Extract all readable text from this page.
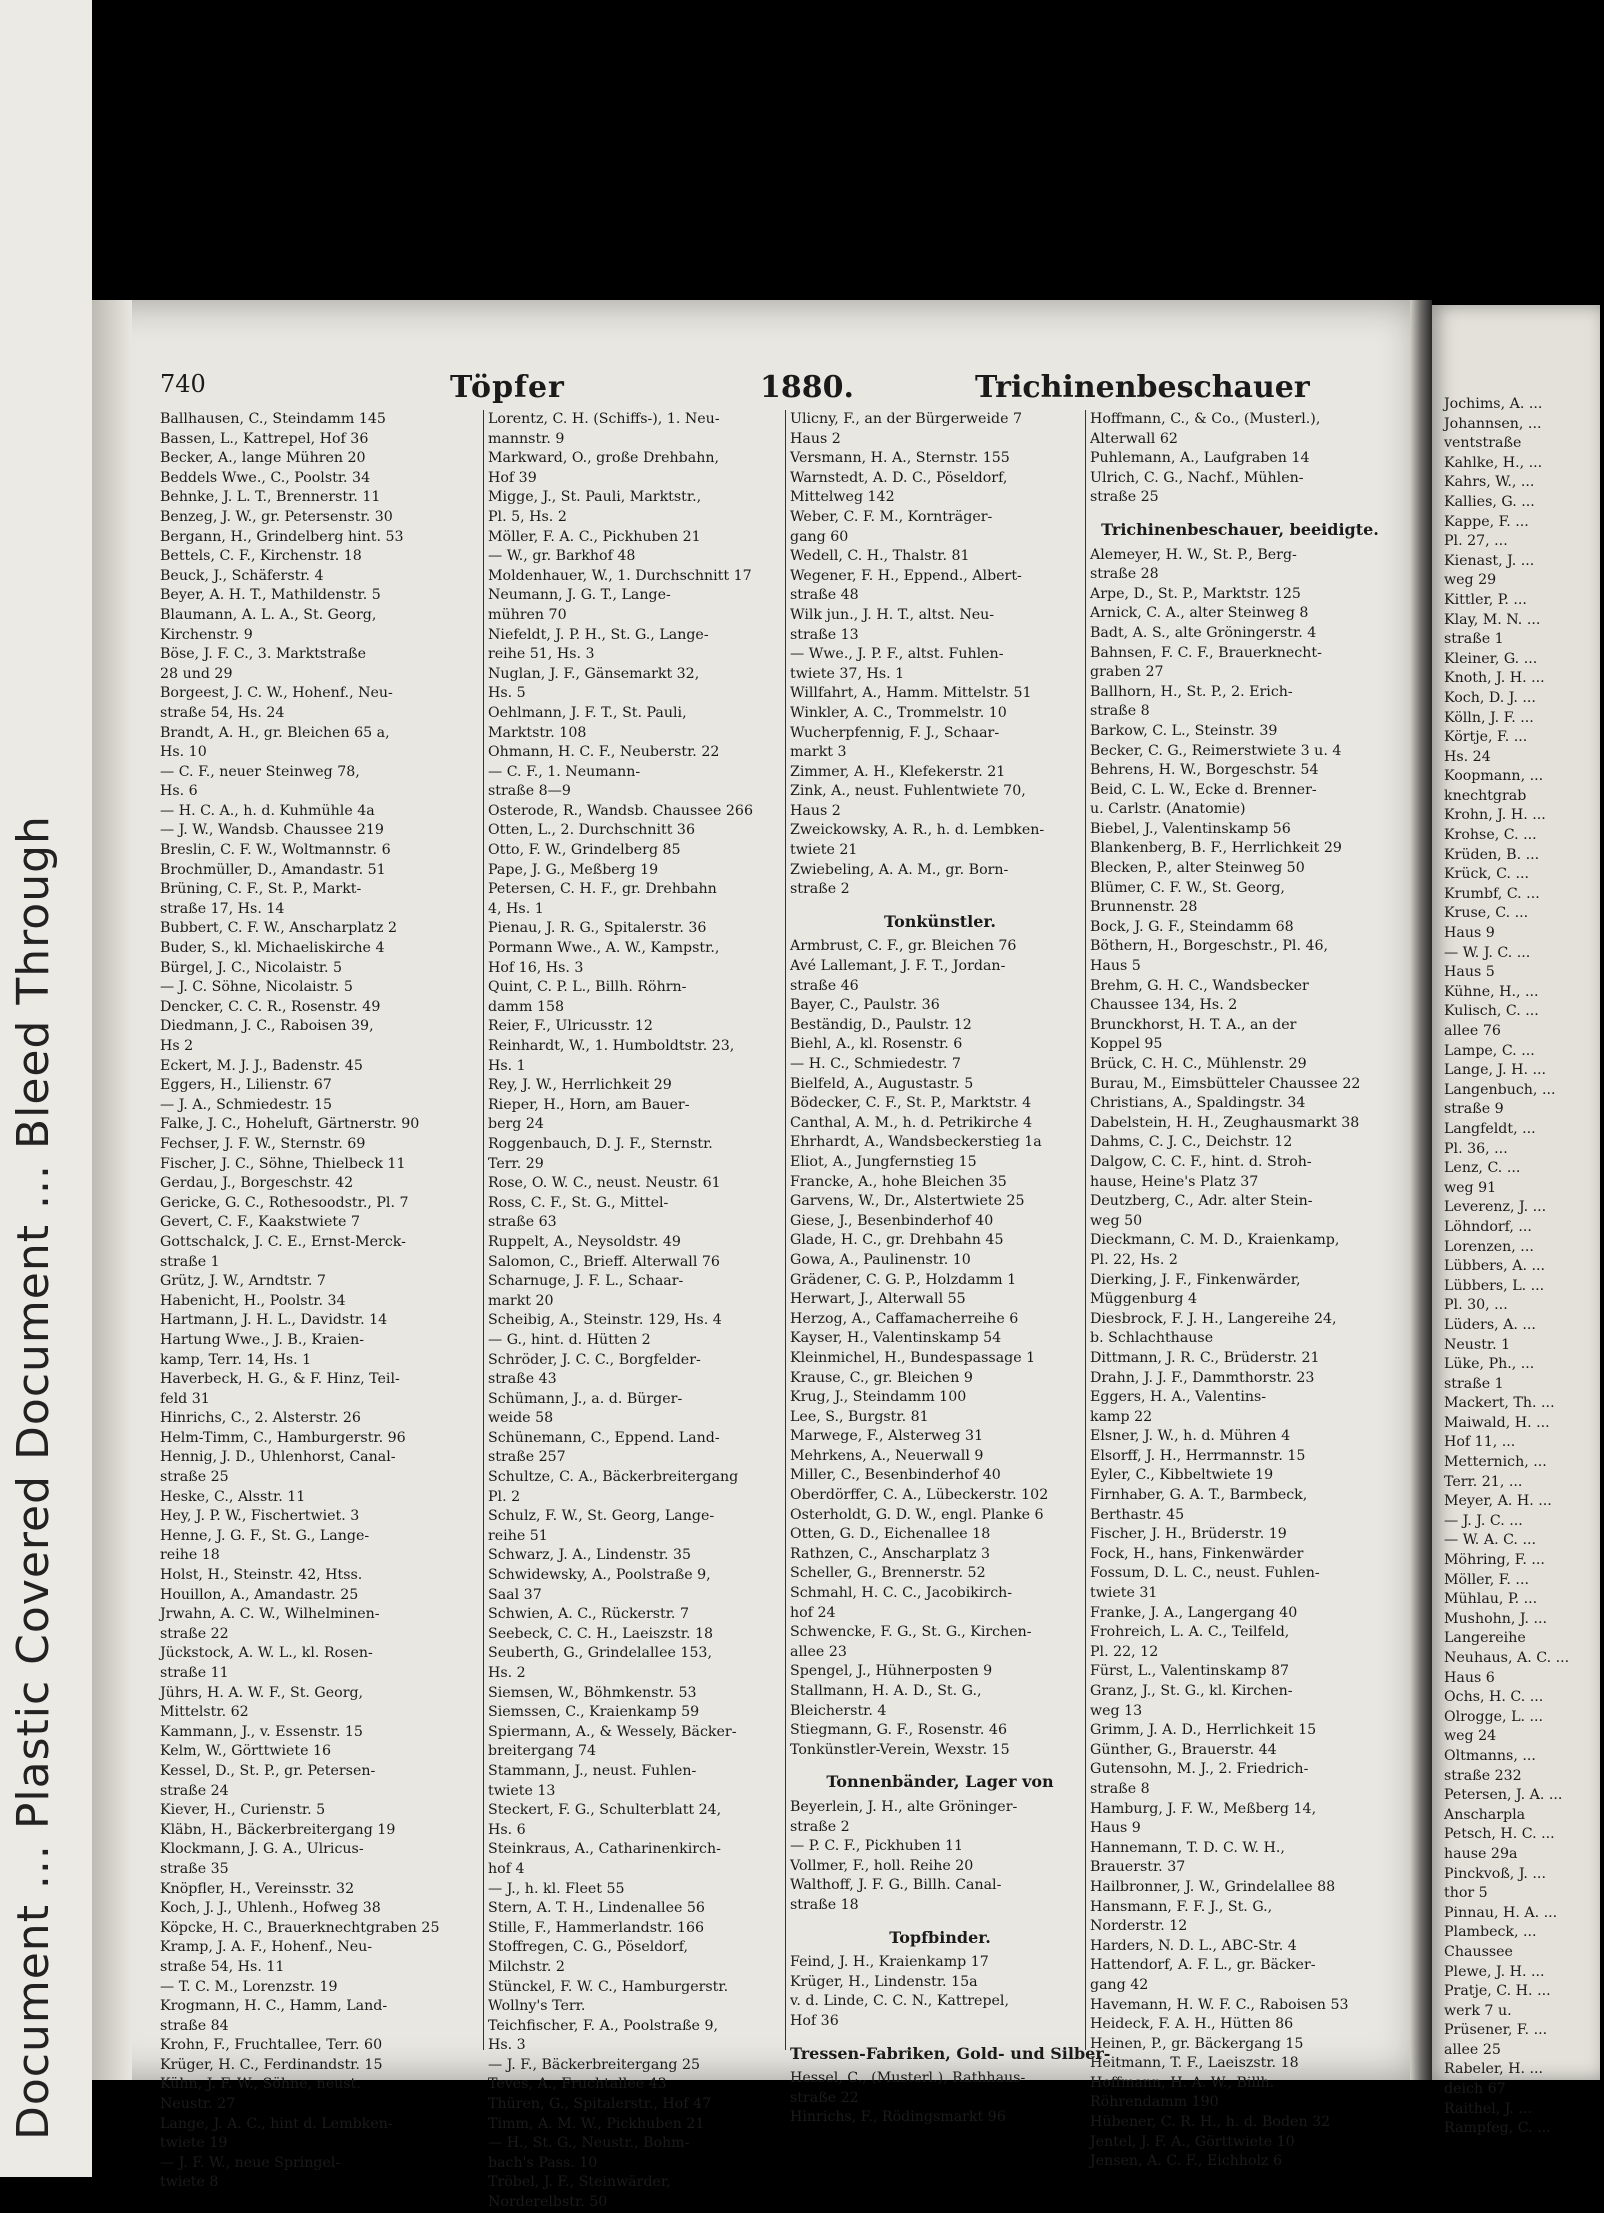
Document ... Plastic Covered Document ... Bleed Through
Jochims, A. ...
Johannsen, ...
ventstraße
Kahlke, H., ...
Kahrs, W., ...
Kallies, G. ...
Kappe, F. ...
Pl. 27, ...
Kienast, J. ...
weg 29
Kittler, P. ...
Klay, M. N. ...
straße 1
Kleiner, G. ...
Knoth, J. H. ...
Koch, D. J. ...
Kölln, J. F. ...
Körtje, F. ...
Hs. 24
Koopmann, ...
knechtgrab
Krohn, J. H. ...
Krohse, C. ...
Krüden, B. ...
Krück, C. ...
Krumbf, C. ...
Kruse, C. ...
Haus 9
— W. J. C. ...
Haus 5
Kühne, H., ...
Kulisch, C. ...
allee 76
Lampe, C. ...
Lange, J. H. ...
Langenbuch, ...
straße 9
Langfeldt, ...
Pl. 36, ...
Lenz, C. ...
weg 91
Leverenz, J. ...
Löhndorf, ...
Lorenzen, ...
Lübbers, A. ...
Lübbers, L. ...
Pl. 30, ...
Lüders, A. ...
Neustr. 1
Lüke, Ph., ...
straße 1
Mackert, Th. ...
Maiwald, H. ...
Hof 11, ...
Metternich, ...
Terr. 21, ...
Meyer, A. H. ...
— J. J. C. ...
— W. A. C. ...
Möhring, F. ...
Möller, F. ...
Mühlau, P. ...
Mushohn, J. ...
Langereihe
Neuhaus, A. C. ...
Haus 6
Ochs, H. C. ...
Olrogge, L. ...
weg 24
Oltmanns, ...
straße 232
Petersen, J. A. ...
Anscharpla
Petsch, H. C. ...
hause 29a
Pinckvoß, J. ...
thor 5
Pinnau, H. A. ...
Plambeck, ...
Chaussee
Plewe, J. H. ...
Pratje, C. H. ...
werk 7 u.
Prüsener, F. ...
allee 25
Rabeler, H. ...
deich 67
Raithel, J. ...
Rampfeg, C. ...
740	Töpfer	1880.	Trichinenbeschauer
Ballhausen, C., Steindamm 145
Bassen, L., Kattrepel, Hof 36
Becker, A., lange Mühren 20
Beddels Wwe., C., Poolstr. 34
Behnke, J. L. T., Brennerstr. 11
Benzeg, J. W., gr. Petersenstr. 30
Bergann, H., Grindelberg hint. 53
Bettels, C. F., Kirchenstr. 18
Beuck, J., Schäferstr. 4
Beyer, A. H. T., Mathildenstr. 5
Blaumann, A. L. A., St. Georg,
Kirchenstr. 9
Böse, J. F. C., 3. Marktstraße
28 und 29
Borgeest, J. C. W., Hohenf., Neu-
straße 54, Hs. 24
Brandt, A. H., gr. Bleichen 65 a,
Hs. 10
— C. F., neuer Steinweg 78,
Hs. 6
— H. C. A., h. d. Kuhmühle 4a
— J. W., Wandsb. Chaussee 219
Breslin, C. F. W., Woltmannstr. 6
Brochmüller, D., Amandastr. 51
Brüning, C. F., St. P., Markt-
straße 17, Hs. 14
Bubbert, C. F. W., Anscharplatz 2
Buder, S., kl. Michaeliskirche 4
Bürgel, J. C., Nicolaistr. 5
— J. C. Söhne, Nicolaistr. 5
Dencker, C. C. R., Rosenstr. 49
Diedmann, J. C., Raboisen 39,
Hs 2
Eckert, M. J. J., Badenstr. 45
Eggers, H., Lilienstr. 67
— J. A., Schmiedestr. 15
Falke, J. C., Hoheluft, Gärtnerstr. 90
Fechser, J. F. W., Sternstr. 69
Fischer, J. C., Söhne, Thielbeck 11
Gerdau, J., Borgeschstr. 42
Gericke, G. C., Rothesoodstr., Pl. 7
Gevert, C. F., Kaakstwiete 7
Gottschalck, J. C. E., Ernst-Merck-
straße 1
Grütz, J. W., Arndtstr. 7
Habenicht, H., Poolstr. 34
Hartmann, J. H. L., Davidstr. 14
Hartung Wwe., J. B., Kraien-
kamp, Terr. 14, Hs. 1
Haverbeck, H. G., & F. Hinz, Teil-
feld 31
Hinrichs, C., 2. Alsterstr. 26
Helm-Timm, C., Hamburgerstr. 96
Hennig, J. D., Uhlenhorst, Canal-
straße 25
Heske, C., Alsstr. 11
Hey, J. P. W., Fischertwiet. 3
Henne, J. G. F., St. G., Lange-
reihe 18
Holst, H., Steinstr. 42, Htss.
Houillon, A., Amandastr. 25
Jrwahn, A. C. W., Wilhelminen-
straße 22
Jückstock, A. W. L., kl. Rosen-
straße 11
Jührs, H. A. W. F., St. Georg,
Mittelstr. 62
Kammann, J., v. Essenstr. 15
Kelm, W., Görttwiete 16
Kessel, D., St. P., gr. Petersen-
straße 24
Kiever, H., Curienstr. 5
Kläbn, H., Bäckerbreitergang 19
Klockmann, J. G. A., Ulricus-
straße 35
Knöpfler, H., Vereinsstr. 32
Koch, J. J., Uhlenh., Hofweg 38
Köpcke, H. C., Brauerknechtgraben 25
Kramp, J. A. F., Hohenf., Neu-
straße 54, Hs. 11
— T. C. M., Lorenzstr. 19
Krogmann, H. C., Hamm, Land-
straße 84
Krohn, F., Fruchtallee, Terr. 60
Krüger, H. C., Ferdinandstr. 15
Kühn, J. F. W., Söhne, neust.
Neustr. 27
Lange, J. A. C., hint d. Lembken-
twiete 19
— J. F. W., neue Springel-
twiete 8
Lorentz, C. H. (Schiffs-), 1. Neu-
mannstr. 9
Markward, O., große Drehbahn,
Hof 39
Migge, J., St. Pauli, Marktstr.,
Pl. 5, Hs. 2
Möller, F. A. C., Pickhuben 21
— W., gr. Barkhof 48
Moldenhauer, W., 1. Durchschnitt 17
Neumann, J. G. T., Lange-
mühren 70
Niefeldt, J. P. H., St. G., Lange-
reihe 51, Hs. 3
Nuglan, J. F., Gänsemarkt 32,
Hs. 5
Oehlmann, J. F. T., St. Pauli,
Marktstr. 108
Ohmann, H. C. F., Neuberstr. 22
— C. F., 1. Neumann-
straße 8—9
Osterode, R., Wandsb. Chaussee 266
Otten, L., 2. Durchschnitt 36
Otto, F. W., Grindelberg 85
Pape, J. G., Meßberg 19
Petersen, C. H. F., gr. Drehbahn
4, Hs. 1
Pienau, J. R. G., Spitalerstr. 36
Pormann Wwe., A. W., Kampstr.,
Hof 16, Hs. 3
Quint, C. P. L., Billh. Röhrn-
damm 158
Reier, F., Ulricusstr. 12
Reinhardt, W., 1. Humboldtstr. 23,
Hs. 1
Rey, J. W., Herrlichkeit 29
Rieper, H., Horn, am Bauer-
berg 24
Roggenbauch, D. J. F., Sternstr.
Terr. 29
Rose, O. W. C., neust. Neustr. 61
Ross, C. F., St. G., Mittel-
straße 63
Ruppelt, A., Neysoldstr. 49
Salomon, C., Brieff. Alterwall 76
Scharnuge, J. F. L., Schaar-
markt 20
Scheibig, A., Steinstr. 129, Hs. 4
— G., hint. d. Hütten 2
Schröder, J. C. C., Borgfelder-
straße 43
Schümann, J., a. d. Bürger-
weide 58
Schünemann, C., Eppend. Land-
straße 257
Schultze, C. A., Bäckerbreitergang
Pl. 2
Schulz, F. W., St. Georg, Lange-
reihe 51
Schwarz, J. A., Lindenstr. 35
Schwidewsky, A., Poolstraße 9,
Saal 37
Schwien, A. C., Rückerstr. 7
Seebeck, C. C. H., Laeiszstr. 18
Seuberth, G., Grindelallee 153,
Hs. 2
Siemsen, W., Böhmkenstr. 53
Siemssen, C., Kraienkamp 59
Spiermann, A., & Wessely, Bäcker-
breitergang 74
Stammann, J., neust. Fuhlen-
twiete 13
Steckert, F. G., Schulterblatt 24,
Hs. 6
Steinkraus, A., Catharinenkirch-
hof 4
— J., h. kl. Fleet 55
Stern, A. T. H., Lindenallee 56
Stille, F., Hammerlandstr. 166
Stoffregen, C. G., Pöseldorf,
Milchstr. 2
Stünckel, F. W. C., Hamburgerstr.
Wollny's Terr.
Teichfischer, F. A., Poolstraße 9,
Hs. 3
— J. F., Bäckerbreitergang 25
Teves, A., Fruchtallee 43
Thüren, G., Spitalerstr., Hof 47
Timm, A. M. W., Pickhuben 21
— H., St. G., Neustr., Bohm-
bach's Pass. 10
Tröbel, J. F., Steinwärder,
Norderelbstr. 50
Ulicny, F., an der Bürgerweide 7
Haus 2
Versmann, H. A., Sternstr. 155
Warnstedt, A. D. C., Pöseldorf,
Mittelweg 142
Weber, C. F. M., Kornträger-
gang 60
Wedell, C. H., Thalstr. 81
Wegener, F. H., Eppend., Albert-
straße 48
Wilk jun., J. H. T., altst. Neu-
straße 13
— Wwe., J. P. F., altst. Fuhlen-
twiete 37, Hs. 1
Willfahrt, A., Hamm. Mittelstr. 51
Winkler, A. C., Trommelstr. 10
Wucherpfennig, F. J., Schaar-
markt 3
Zimmer, A. H., Klefekerstr. 21
Zink, A., neust. Fuhlentwiete 70,
Haus 2
Zweickowsky, A. R., h. d. Lembken-
twiete 21
Zwiebeling, A. A. M., gr. Born-
straße 2
Tonkünstler.
Armbrust, C. F., gr. Bleichen 76
Avé Lallemant, J. F. T., Jordan-
straße 46
Bayer, C., Paulstr. 36
Beständig, D., Paulstr. 12
Biehl, A., kl. Rosenstr. 6
— H. C., Schmiedestr. 7
Bielfeld, A., Augustastr. 5
Bödecker, C. F., St. P., Marktstr. 4
Canthal, A. M., h. d. Petrikirche 4
Ehrhardt, A., Wandsbeckerstieg 1a
Eliot, A., Jungfernstieg 15
Francke, A., hohe Bleichen 35
Garvens, W., Dr., Alstertwiete 25
Giese, J., Besenbinderhof 40
Glade, H. C., gr. Drehbahn 45
Gowa, A., Paulinenstr. 10
Grädener, C. G. P., Holzdamm 1
Herwart, J., Alterwall 55
Herzog, A., Caffamacherreihe 6
Kayser, H., Valentinskamp 54
Kleinmichel, H., Bundespassage 1
Krause, C., gr. Bleichen 9
Krug, J., Steindamm 100
Lee, S., Burgstr. 81
Marwege, F., Alsterweg 31
Mehrkens, A., Neuerwall 9
Miller, C., Besenbinderhof 40
Oberdörffer, C. A., Lübeckerstr. 102
Osterholdt, G. D. W., engl. Planke 6
Otten, G. D., Eichenallee 18
Rathzen, C., Anscharplatz 3
Scheller, G., Brennerstr. 52
Schmahl, H. C. C., Jacobikirch-
hof 24
Schwencke, F. G., St. G., Kirchen-
allee 23
Spengel, J., Hühnerposten 9
Stallmann, H. A. D., St. G.,
Bleicherstr. 4
Stiegmann, G. F., Rosenstr. 46
Tonkünstler-Verein, Wexstr. 15
Tonnenbänder, Lager von
Beyerlein, J. H., alte Gröninger-
straße 2
— P. C. F., Pickhuben 11
Vollmer, F., holl. Reihe 20
Walthoff, J. F. G., Billh. Canal-
straße 18
Topfbinder.
Feind, J. H., Kraienkamp 17
Krüger, H., Lindenstr. 15a
v. d. Linde, C. C. N., Kattrepel,
Hof 36
Tressen-Fabriken, Gold- und Silber-
Hessel, C., (Musterl.), Rathhaus-
straße 22
Hinrichs, F., Rödingsmarkt 96
Hoffmann, C., & Co., (Musterl.),
Alterwall 62
Puhlemann, A., Laufgraben 14
Ulrich, C. G., Nachf., Mühlen-
straße 25
Trichinenbeschauer, beeidigte.
Alemeyer, H. W., St. P., Berg-
straße 28
Arpe, D., St. P., Marktstr. 125
Arnick, C. A., alter Steinweg 8
Badt, A. S., alte Gröningerstr. 4
Bahnsen, F. C. F., Brauerknecht-
graben 27
Ballhorn, H., St. P., 2. Erich-
straße 8
Barkow, C. L., Steinstr. 39
Becker, C. G., Reimerstwiete 3 u. 4
Behrens, H. W., Borgeschstr. 54
Beid, C. L. W., Ecke d. Brenner-
u. Carlstr. (Anatomie)
Biebel, J., Valentinskamp 56
Blankenberg, B. F., Herrlichkeit 29
Blecken, P., alter Steinweg 50
Blümer, C. F. W., St. Georg,
Brunnenstr. 28
Bock, J. G. F., Steindamm 68
Böthern, H., Borgeschstr., Pl. 46,
Haus 5
Brehm, G. H. C., Wandsbecker
Chaussee 134, Hs. 2
Brunckhorst, H. T. A., an der
Koppel 95
Brück, C. H. C., Mühlenstr. 29
Burau, M., Eimsbütteler Chaussee 22
Christians, A., Spaldingstr. 34
Dabelstein, H. H., Zeughausmarkt 38
Dahms, C. J. C., Deichstr. 12
Dalgow, C. C. F., hint. d. Stroh-
hause, Heine's Platz 37
Deutzberg, C., Adr. alter Stein-
weg 50
Dieckmann, C. M. D., Kraienkamp,
Pl. 22, Hs. 2
Dierking, J. F., Finkenwärder,
Müggenburg 4
Diesbrock, F. J. H., Langereihe 24,
b. Schlachthause
Dittmann, J. R. C., Brüderstr. 21
Drahn, J. J. F., Dammthorstr. 23
Eggers, H. A., Valentins-
kamp 22
Elsner, J. W., h. d. Mühren 4
Elsorff, J. H., Herrmannstr. 15
Eyler, C., Kibbeltwiete 19
Firnhaber, G. A. T., Barmbeck,
Berthastr. 45
Fischer, J. H., Brüderstr. 19
Fock, H., hans, Finkenwärder
Fossum, D. L. C., neust. Fuhlen-
twiete 31
Franke, J. A., Langergang 40
Frohreich, L. A. C., Teilfeld,
Pl. 22, 12
Fürst, L., Valentinskamp 87
Granz, J., St. G., kl. Kirchen-
weg 13
Grimm, J. A. D., Herrlichkeit 15
Günther, G., Brauerstr. 44
Gutensohn, M. J., 2. Friedrich-
straße 8
Hamburg, J. F. W., Meßberg 14,
Haus 9
Hannemann, T. D. C. W. H.,
Brauerstr. 37
Hailbronner, J. W., Grindelallee 88
Hansmann, F. F. J., St. G.,
Norderstr. 12
Harders, N. D. L., ABC-Str. 4
Hattendorf, A. F. L., gr. Bäcker-
gang 42
Havemann, H. W. F. C., Raboisen 53
Heideck, F. A. H., Hütten 86
Heinen, P., gr. Bäckergang 15
Heitmann, T. F., Laeiszstr. 18
Hoffmann, H. A. W., Billh.
Röhrendamm 190
Hübener, C. R. H., h. d. Boden 32
Jentel, J. F. A., Görttwiete 10
Jensen, A. C. F., Eichholz 6
